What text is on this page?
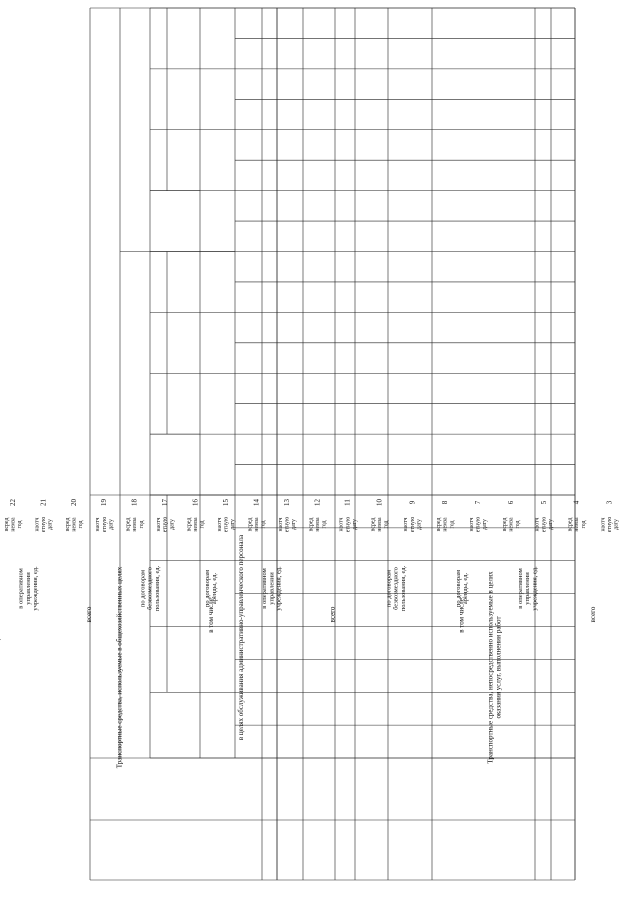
Транспортные средства, непосредственно используемые в целяхоказания услуг, выполнения работ
Транспортные средства, используемые в общехозяйственных целях	в целях обслуживания административно-управленческого персонала	всего
в том числе:
в оперативномуправленииучреждения, ед.
по договорамаренды, ед.
по договорамбезвозмездногопользования, ед.
всего
в том числе:
в оперативномуправленииучреждения, ед.
по договорамаренды, ед.
по договорамбезвозмездногопользования, ед.
всего
в оперативномуправленииучреждения, ед.
наотчетнуюдату
всреднемзагод
наотчетнуюдату
всреднемзагод
наотчетнуюдату
всреднемзагод
наотчетнуюдату
всреднемзагод
наотчетнуюдату
всреднемзагод
наотчетнуюдату
всреднемзагод
наотчетнуюдату
всреднемзагод
наотчетнуюдату
всреднемзагод
наотчетнуюдату
всреднемзагод
наотчетнуюдату
всреднемзагод
3
4
5
6
7
8
9
10
11
12
13
14
15
16
17
18
19
20
21
22
